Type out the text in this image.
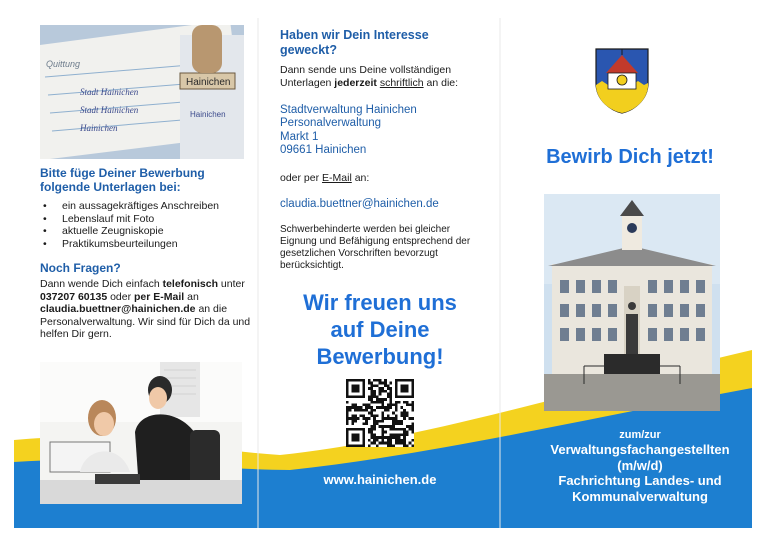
Hainichen
Quittung
Stadt Hainichen
Stadt Hainichen
Hainichen
Hainichen
Bitte füge Deiner Bewerbung folgende Unterlagen bei:
• ein aussagekräftiges Anschreiben
• Lebenslauf mit Foto
• aktuelle Zeugniskopie
• Praktikumsbeurteilungen
Noch Fragen?
Dann wende Dich einfach telefonisch unter 037207 60135 oder per E-Mail an claudia.buettner@hainichen.de an die Personalverwaltung. Wir sind für Dich da und helfen Dir gern.
Haben wir Dein Interesse geweckt?
Dann sende uns Deine vollständigen Unterlagen jederzeit schriftlich an die:
Stadtverwaltung Hainichen
Personalverwaltung
Markt 1
09661 Hainichen
oder per E-Mail an:
claudia.buettner@hainichen.de
Schwerbehinderte werden bei gleicher Eignung und Befähigung entsprechend der gesetzlichen Vorschriften bevorzugt berücksichtigt.
Wir freuen uns
auf Deine
Bewerbung!
www.hainichen.de
Bewirb Dich jetzt!
zum/zur
Verwaltungsfachangestellten
(m/w/d)
Fachrichtung Landes- und
Kommunalverwaltung
